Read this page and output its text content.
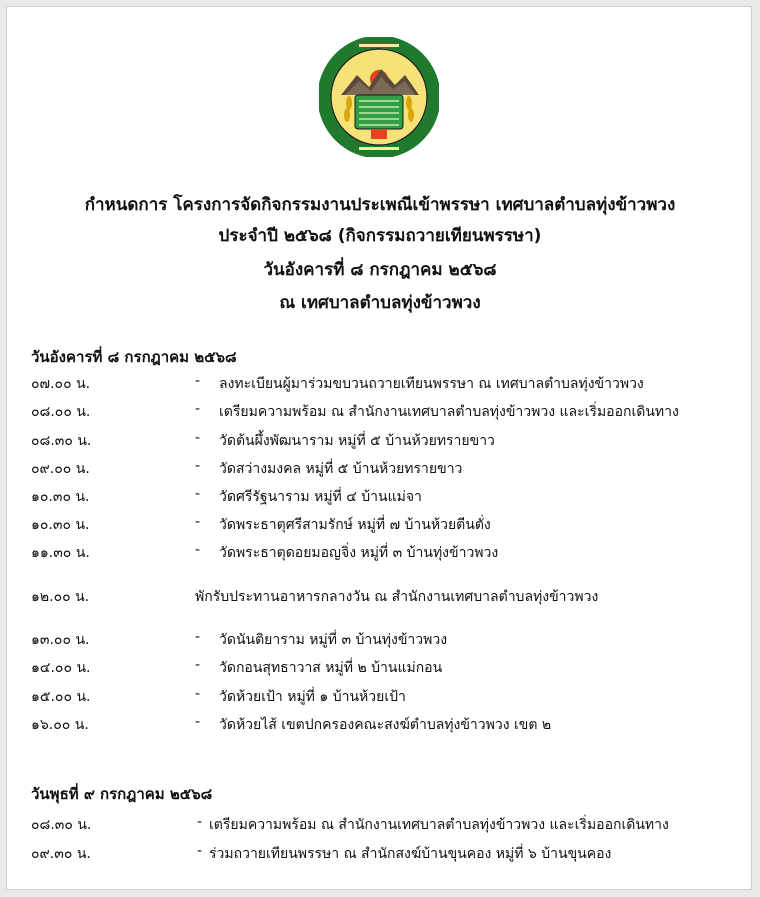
กำหนดการ โครงการจัดกิจกรรมงานประเพณีเข้าพรรษา เทศบาลตำบลทุ่งข้าวพวง
ประจำปี ๒๕๖๘ (กิจกรรมถวายเทียนพรรษา)
วันอังคารที่ ๘ กรกฎาคม ๒๕๖๘
ณ เทศบาลตำบลทุ่งข้าวพวง
วันอังคารที่ ๘ กรกฎาคม ๒๕๖๘
๐๗.๐๐ น.	- ลงทะเบียนผู้มาร่วมขบวนถวายเทียนพรรษา ณ เทศบาลตำบลทุ่งข้าวพวง
๐๘.๐๐ น.	- เตรียมความพร้อม ณ สำนักงานเทศบาลตำบลทุ่งข้าวพวง และเริ่มออกเดินทาง
๐๘.๓๐ น.	- วัดต้นผึ้งพัฒนาราม หมู่ที่ ๕ บ้านห้วยทรายขาว
๐๙.๐๐ น.	- วัดสว่างมงคล หมู่ที่ ๕ บ้านห้วยทรายขาว
๑๐.๓๐ น.	- วัดศรีรัฐนาราม หมู่ที่ ๔ บ้านแม่จา
๑๐.๓๐ น.	- วัดพระธาตุศรีสามรักษ์ หมู่ที่ ๗ บ้านห้วยตีนตั่ง
๑๑.๓๐ น.	- วัดพระธาตุดอยมอญจิ่ง หมู่ที่ ๓ บ้านทุ่งข้าวพวง
๑๒.๐๐ น.	พักรับประทานอาหารกลางวัน ณ สำนักงานเทศบาลตำบลทุ่งข้าวพวง
๑๓.๐๐ น.	- วัดนันติยาราม หมู่ที่ ๓ บ้านทุ่งข้าวพวง
๑๔.๐๐ น.	- วัดกอนสุทธาวาส หมู่ที่ ๒ บ้านแม่กอน
๑๕.๐๐ น.	- วัดห้วยเป้า หมู่ที่ ๑ บ้านห้วยเป้า
๑๖.๐๐ น.	- วัดห้วยไส้ เขตปกครองคณะสงฆ์ตำบลทุ่งข้าวพวง เขต ๒
วันพุธที่ ๙ กรกฎาคม ๒๕๖๘
๐๘.๓๐ น.	- เตรียมความพร้อม ณ สำนักงานเทศบาลตำบลทุ่งข้าวพวง และเริ่มออกเดินทาง
๐๙.๓๐ น.	- ร่วมถวายเทียนพรรษา ณ สำนักสงฆ์บ้านขุนคอง หมู่ที่ ๖ บ้านขุนคอง
